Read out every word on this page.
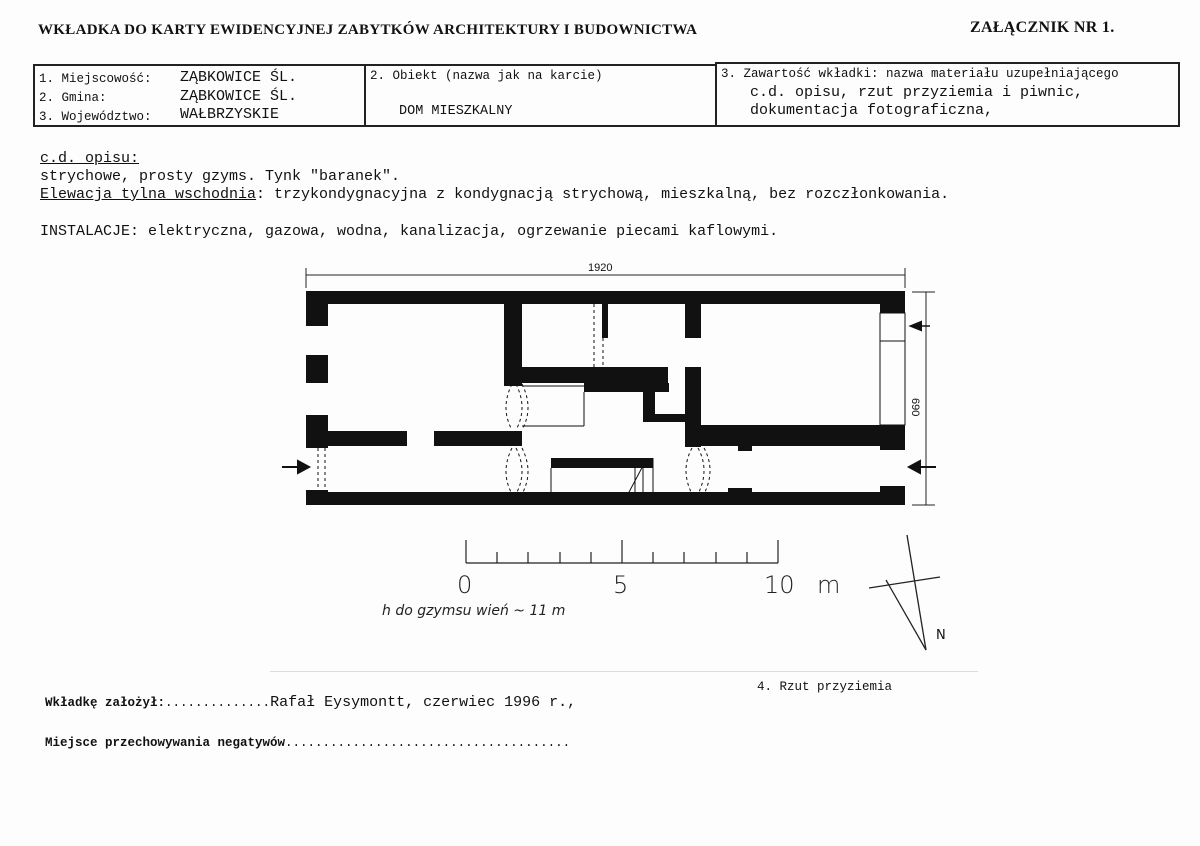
WKŁADKA DO KARTY EWIDENCYJNEJ ZABYTKÓW ARCHITEKTURY I BUDOWNICTWA	ZAŁĄCZNIK NR 1.
1. Miejscowość: ZĄBKOWICE ŚL.
2. Gmina:	ZĄBKOWICE ŚL.
3. Województwo: WAŁBRZYSKIE
2. Obiekt (nazwa jak na karcie)
DOM MIESZKALNY
3. Zawartość wkładki: nazwa materiału uzupełniającego
c.d. opisu, rzut przyziemia i piwnic,
dokumentacja fotograficzna,
c.d. opisu:
strychowe, prosty gzyms. Tynk "baranek".
Elewacja tylna wschodnia: trzykondygnacyjna z kondygnacją strychową, mieszkalną, bez rozczłonkowania.
INSTALACJE: elektryczna, gazowa, wodna, kanalizacja, ogrzewanie piecami kaflowymi.
1920
690
0	5	10 m
h do gzymsu wień ~ 11 m
N
4. Rzut przyziemia
Wkładkę założył:..............Rafał Eysymontt, czerwiec 1996 r.,
Miejsce przechowywania negatywów......................................
